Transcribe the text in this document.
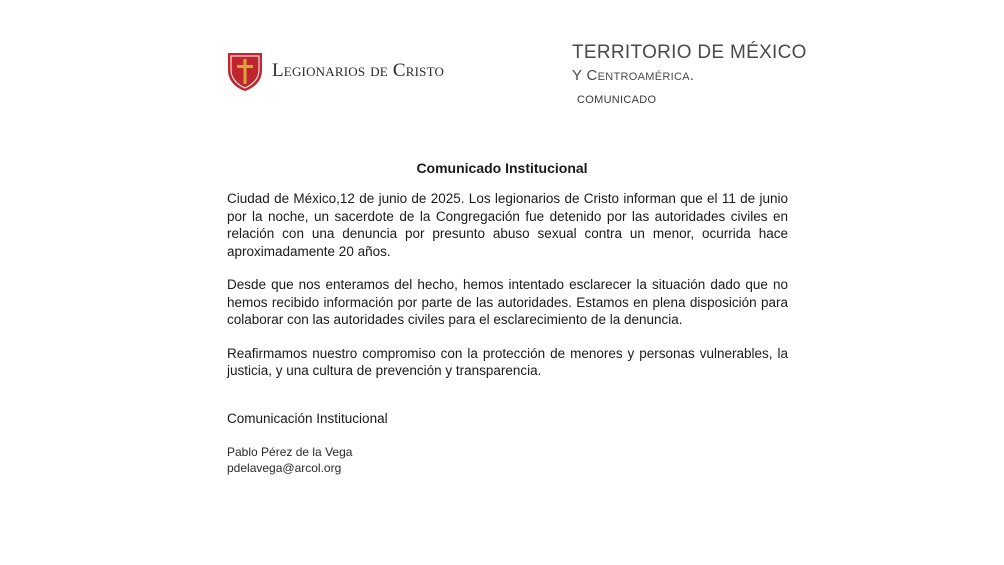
Legionarios de Cristo
TERRITORIO DE MÉXICO
Y Centroamérica.
COMUNICADO
Comunicado Institucional

Ciudad de México,12 de junio de 2025. Los legionarios de Cristo informan que el 11 de junio por la noche, un sacerdote de la Congregación fue detenido por las autoridades civiles en relación con una denuncia por presunto abuso sexual contra un menor, ocurrida hace aproximadamente 20 años.

Desde que nos enteramos del hecho, hemos intentado esclarecer la situación dado que no hemos recibido información por parte de las autoridades. Estamos en plena disposición para colaborar con las autoridades civiles para el esclarecimiento de la denuncia.

Reafirmamos nuestro compromiso con la protección de menores y personas vulnerables, la justicia, y una cultura de prevención y transparencia.

Comunicación Institucional
Pablo Pérez de la Vega
pdelavega@arcol.org
